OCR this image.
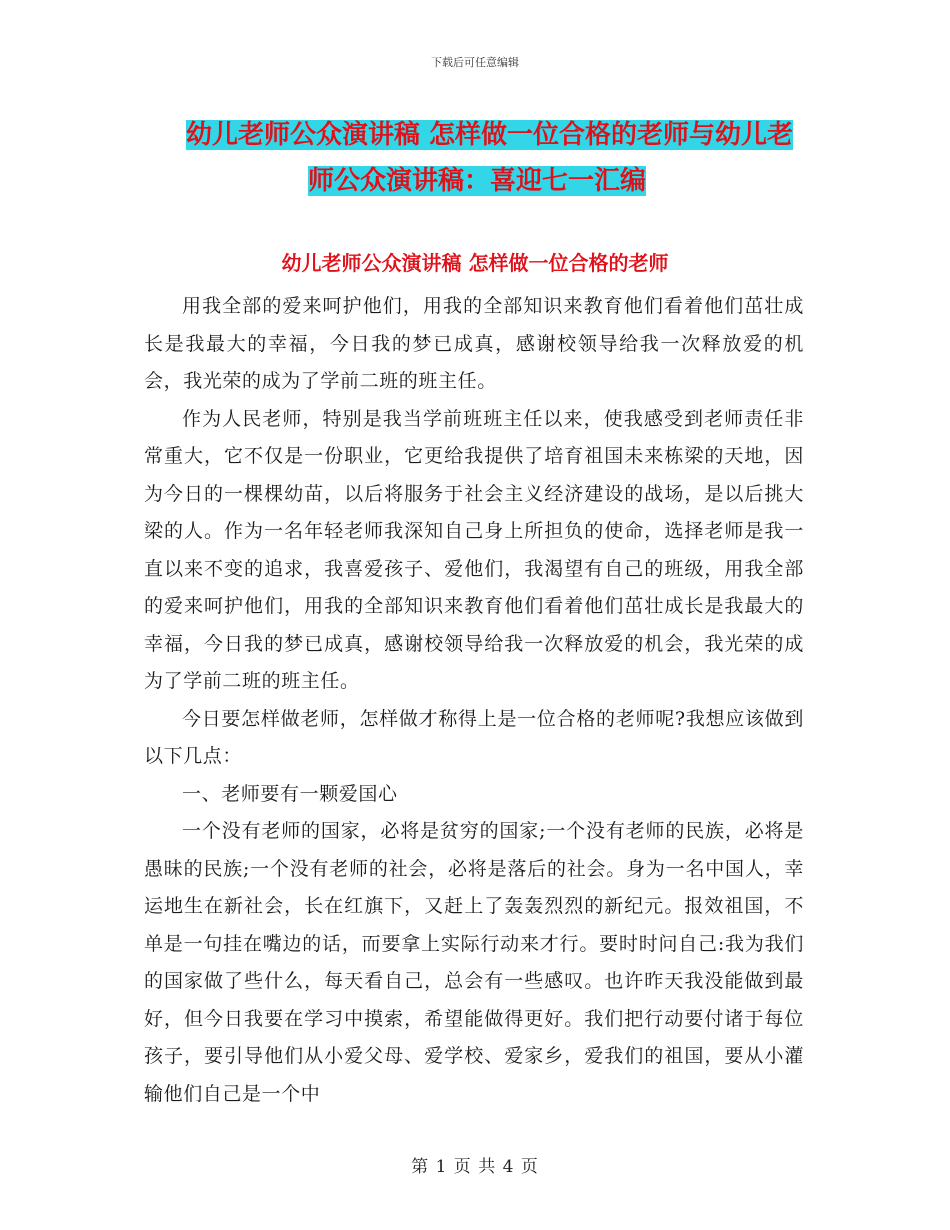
下载后可任意编辑
幼儿老师公众演讲稿 怎样做一位合格的老师与幼儿老
师公众演讲稿：喜迎七一汇编
幼儿老师公众演讲稿 怎样做一位合格的老师

用我全部的爱来呵护他们，用我的全部知识来教育他们看着他们茁壮成长是我最大的幸福，今日我的梦已成真，感谢校领导给我一次释放爱的机会，我光荣的成为了学前二班的班主任。

作为人民老师，特别是我当学前班班主任以来，使我感受到老师责任非常重大，它不仅是一份职业，它更给我提供了培育祖国未来栋梁的天地，因为今日的一棵棵幼苗，以后将服务于社会主义经济建设的战场，是以后挑大梁的人。作为一名年轻老师我深知自己身上所担负的使命，选择老师是我一直以来不变的追求，我喜爱孩子、爱他们，我渴望有自己的班级，用我全部的爱来呵护他们，用我的全部知识来教育他们看着他们茁壮成长是我最大的幸福，今日我的梦已成真，感谢校领导给我一次释放爱的机会，我光荣的成为了学前二班的班主任。

今日要怎样做老师，怎样做才称得上是一位合格的老师呢?我想应该做到以下几点：

一、老师要有一颗爱国心

一个没有老师的国家，必将是贫穷的国家;一个没有老师的民族，必将是愚昧的民族;一个没有老师的社会，必将是落后的社会。身为一名中国人，幸运地生在新社会，长在红旗下，又赶上了轰轰烈烈的新纪元。报效祖国，不单是一句挂在嘴边的话，而要拿上实际行动来才行。要时时问自己:我为我们的国家做了些什么，每天看自己，总会有一些感叹。也许昨天我没能做到最好，但今日我要在学习中摸索，希望能做得更好。我们把行动要付诸于每位孩子，要引导他们从小爱父母、爱学校、爱家乡，爱我们的祖国，要从小灌输他们自己是一个中

第 1 页 共 4 页
